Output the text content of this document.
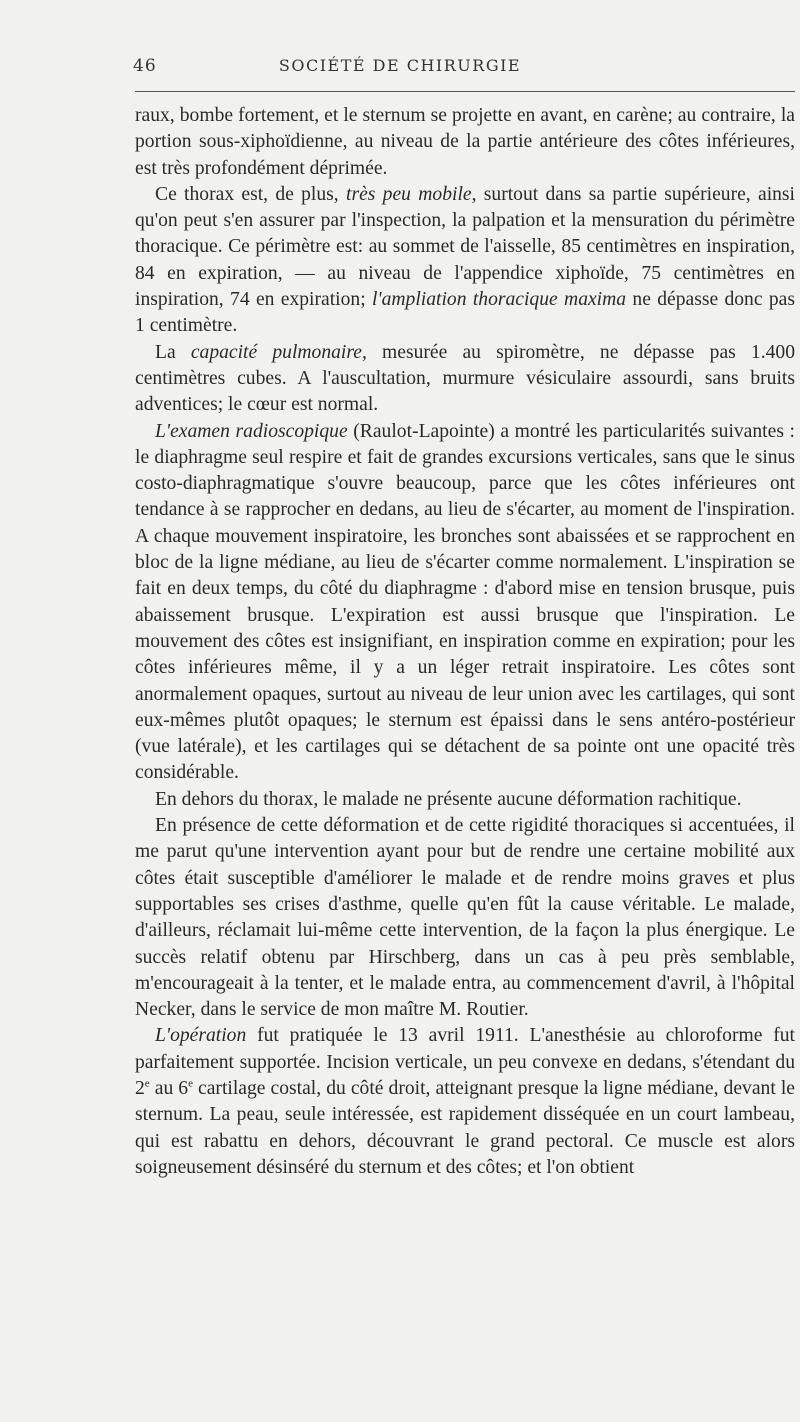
46	SOCIÉTÉ DE CHIRURGIE

raux, bombe fortement, et le sternum se projette en avant, en carène; au contraire, la portion sous-xiphoïdienne, au niveau de la partie antérieure des côtes inférieures, est très profondément déprimée.

Ce thorax est, de plus, très peu mobile, surtout dans sa partie supérieure, ainsi qu'on peut s'en assurer par l'inspection, la palpation et la mensuration du périmètre thoracique. Ce périmètre est: au sommet de l'aisselle, 85 centimètres en inspiration, 84 en expiration, — au niveau de l'appendice xiphoïde, 75 centimètres en inspiration, 74 en expiration; l'ampliation thoracique maxima ne dépasse donc pas 1 centimètre.

La capacité pulmonaire, mesurée au spiromètre, ne dépasse pas 1.400 centimètres cubes. A l'auscultation, murmure vésiculaire assourdi, sans bruits adventices; le cœur est normal.

L'examen radioscopique (Raulot-Lapointe) a montré les particularités suivantes : le diaphragme seul respire et fait de grandes excursions verticales, sans que le sinus costo-diaphragmatique s'ouvre beaucoup, parce que les côtes inférieures ont tendance à se rapprocher en dedans, au lieu de s'écarter, au moment de l'inspiration. A chaque mouvement inspiratoire, les bronches sont abaissées et se rapprochent en bloc de la ligne médiane, au lieu de s'écarter comme normalement. L'inspiration se fait en deux temps, du côté du diaphragme : d'abord mise en tension brusque, puis abaissement brusque. L'expiration est aussi brusque que l'inspiration. Le mouvement des côtes est insignifiant, en inspiration comme en expiration; pour les côtes inférieures même, il y a un léger retrait inspiratoire. Les côtes sont anormalement opaques, surtout au niveau de leur union avec les cartilages, qui sont eux-mêmes plutôt opaques; le sternum est épaissi dans le sens antéro-postérieur (vue latérale), et les cartilages qui se détachent de sa pointe ont une opacité très considérable.

En dehors du thorax, le malade ne présente aucune déformation rachitique.

En présence de cette déformation et de cette rigidité thoraciques si accentuées, il me parut qu'une intervention ayant pour but de rendre une certaine mobilité aux côtes était susceptible d'améliorer le malade et de rendre moins graves et plus supportables ses crises d'asthme, quelle qu'en fût la cause véritable. Le malade, d'ailleurs, réclamait lui-même cette intervention, de la façon la plus énergique. Le succès relatif obtenu par Hirschberg, dans un cas à peu près semblable, m'encourageait à la tenter, et le malade entra, au commencement d'avril, à l'hôpital Necker, dans le service de mon maître M. Routier.

L'opération fut pratiquée le 13 avril 1911. L'anesthésie au chloroforme fut parfaitement supportée. Incision verticale, un peu convexe en dedans, s'étendant du 2e au 6e cartilage costal, du côté droit, atteignant presque la ligne médiane, devant le sternum. La peau, seule intéressée, est rapidement disséquée en un court lambeau, qui est rabattu en dehors, découvrant le grand pectoral. Ce muscle est alors soigneusement désinséré du sternum et des côtes; et l'on obtient
